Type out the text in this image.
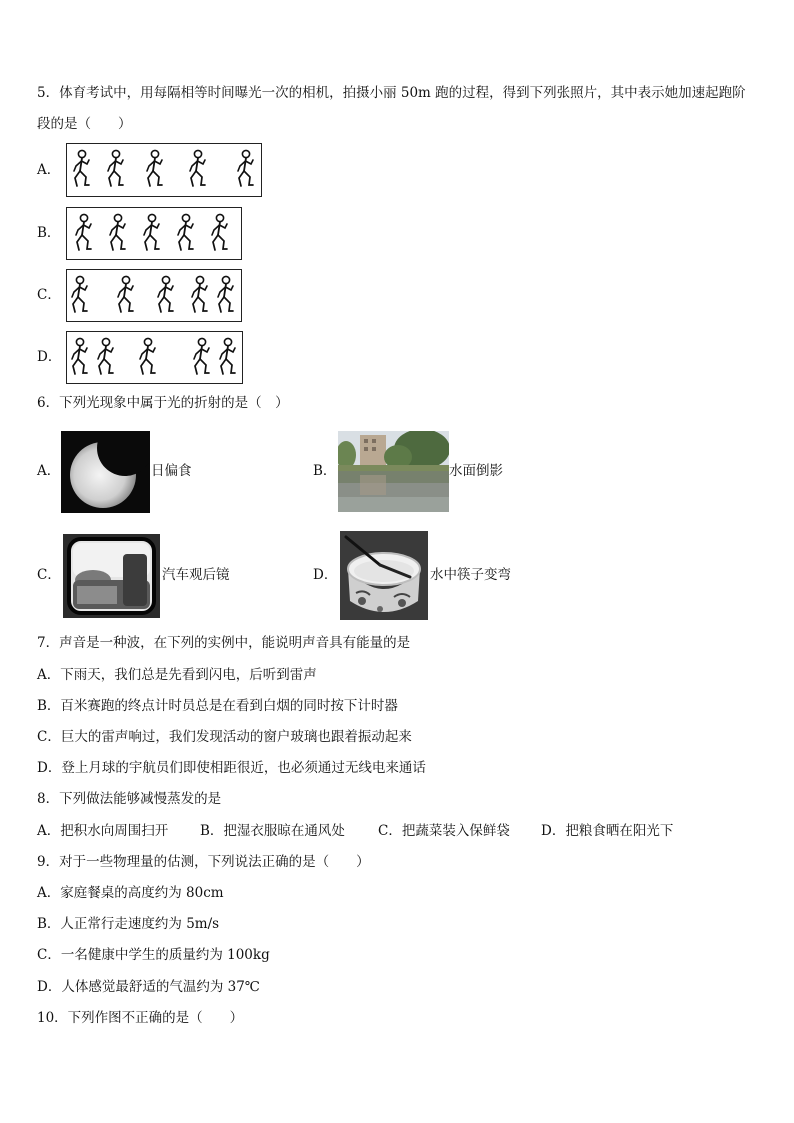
5．体育考试中，用每隔相等时间曝光一次的相机，拍摄小丽 50m 跑的过程，得到下列张照片，其中表示她加速起跑阶
段的是（　　）
A．
B．
C．
D．
6．下列光现象中属于光的折射的是（　）
A．	日偏食	B．	水面倒影
C．	汽车观后镜	D．	水中筷子变弯
7．声音是一种波，在下列的实例中，能说明声音具有能量的是
A．下雨天，我们总是先看到闪电，后听到雷声
B．百米赛跑的终点计时员总是在看到白烟的同时按下计时器
C．巨大的雷声响过，我们发现活动的窗户玻璃也跟着振动起来
D．登上月球的宇航员们即使相距很近，也必须通过无线电来通话
8．下列做法能够减慢蒸发的是
A．把积水向周围扫开 B．把湿衣服晾在通风处 C．把蔬菜装入保鲜袋 D．把粮食晒在阳光下
9．对于一些物理量的估测，下列说法正确的是（　　）
A．家庭餐桌的高度约为 80cm
B．人正常行走速度约为 5m/s
C．一名健康中学生的质量约为 100kg
D．人体感觉最舒适的气温约为 37℃
10．下列作图不正确的是（　　）
